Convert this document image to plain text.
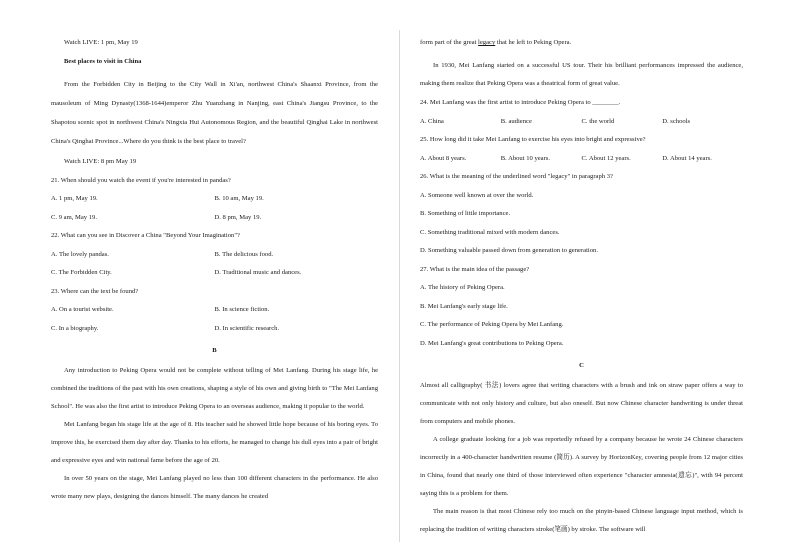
Watch LIVE: 1 pm, May 19

Best places to visit in China

From the Forbidden City in Beijing to the City Wall in Xi'an, northwest China's Shaanxi Province, from the mausoleum of Ming Dynasty(1368-1644)emperor Zhu Yuanzhang in Nanjing, east China's Jiangsu Province, to the Shapotou scenic spot in northwest China's Ningxia Hui Autonomous Region, and the beautiful Qinghai Lake in northwest China's Qinghai Province...Where do you think is the best place to travel?

Watch LIVE: 8 pm May 19

21. When should you watch the event if you're interested in pandas?

A. 1 pm, May 19.	B. 10 am, May 19.
C. 9 am, May 19.	D. 8 pm, May 19.

22. What can you see in Discover a China "Beyond Your Imagination"?

A. The lovely pandas.	B. The delicious food.
C. The Forbidden City.	D. Traditional music and dances.

23. Where can the text be found?

A. On a tourist website.	B. In science fiction.
C. In a biography.	D. In scientific research.

B

Any introduction to Peking Opera would not be complete without telling of Mei Lanfang. During his stage life, he combined the traditions of the past with his own creations, shaping a style of his own and giving birth to "The Mei Lanfang School". He was also the first artist to introduce Peking Opera to an overseas audience, making it popular to the world.

Mei Lanfang began his stage life at the age of 8. His teacher said he showed little hope because of his boring eyes. To improve this, he exercised them day after day. Thanks to his efforts, he managed to change his dull eyes into a pair of bright and expressive eyes and win national fame before the age of 20.

In over 50 years on the stage, Mei Lanfang played no less than 100 different characters in the performance. He also wrote many new plays, designing the dances himself. The many dances he created

form part of the great legacy that he left to Peking Opera.

In 1930, Mei Lanfang started on a successful US tour. Their his brilliant performances impressed the audience, making them realize that Peking Opera was a theatrical form of great value.

24. Mei Lanfang was the first artist to introduce Peking Opera to ________.

A. China	B. audience	C. the world	D. schools

25. How long did it take Mei Lanfang to exercise his eyes into bright and expressive?

A. About 8 years.	B. About 10 years.	C. About 12 years.	D. About 14 years.

26. What is the meaning of the underlined word "legacy" in paragraph 3?

A. Someone well known at over the world.

B. Something of little importance.

C. Something traditional mixed with modern dances.

D. Something valuable passed down from generation to generation.

27. What is the main idea of the passage?

A. The history of Peking Opera.

B. Mei Lanfang's early stage life.

C. The performance of Peking Opera by Mei Lanfang.

D. Mei Lanfang's great contributions to Peking Opera.

C

Almost all calligraphy( 书法) lovers agree that writing characters with a brush and ink on straw paper offers a way to communicate with not only history and culture, but also oneself. But now Chinese character handwriting is under threat from computers and mobile phones.

A college graduate looking for a job was reportedly refused by a company because he wrote 24 Chinese characters incorrectly in a 400-character handwritten resume (简历). A survey by HorizonKey, covering people from 12 major cities in China, found that nearly one third of those interviewed often experience "character amnesia(遗忘)", with 94 percent saying this is a problem for them.

The main reason is that most Chinese rely too much on the pinyin-based Chinese language input method, which is replacing the tradition of writing characters stroke(笔画) by stroke. The software will
